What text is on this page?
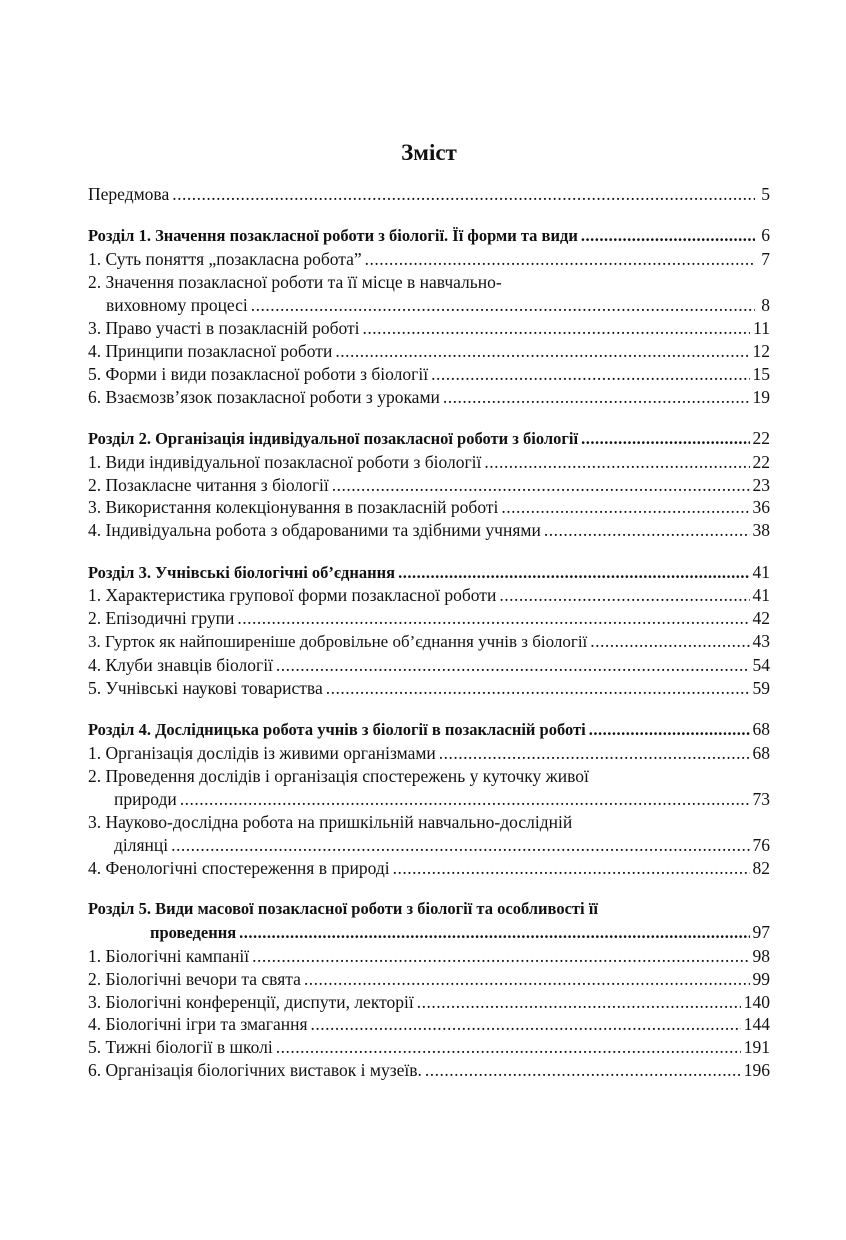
Зміст
Передмова .....	5
Розділ 1. Значення позакласної роботи з біології. Її форми та види .....	6
1. Суть поняття „позакласна робота” .....	7
2. Значення позакласної роботи та її місце в навчально-
виховному процесі .....	8
3. Право участі в позакласній роботі .....	11
4. Принципи позакласної роботи .....	12
5. Форми і види позакласної роботи з біології .....	15
6. Взаємозв’язок позакласної роботи з уроками .....	19
Розділ 2. Організація індивідуальної позакласної роботи з біології .....	22
1. Види індивідуальної позакласної роботи з біології .....	22
2. Позакласне читання з біології .....	23
3. Використання колекціонування в позакласній роботі .....	36
4. Індивідуальна робота з обдарованими та здібними учнями .....	38
Розділ 3. Учнівські біологічні об’єднання .....	41
1. Характеристика групової форми позакласної роботи .....	41
2. Епізодичні групи .....	42
3. Гурток як найпоширеніше добровільне об’єднання учнів з біології .....	43
4. Клуби знавців біології .....	54
5. Учнівські наукові товариства .....	59
Розділ 4. Дослідницька робота учнів з біології в позакласній роботі .....	68
1. Організація дослідів із живими організмами .....	68
2. Проведення дослідів і організація спостережень у куточку живої
природи .....	73
3. Науково-дослідна робота на пришкільній навчально-дослідній
ділянці .....	76
4. Фенологічні спостереження в природі .....	82
Розділ 5. Види масової позакласної роботи з біології та особливості її
проведення .....	97
1. Біологічні кампанії .....	98
2. Біологічні вечори та свята .....	99
3. Біологічні конференції, диспути, лекторії .....	140
4. Біологічні ігри та змагання .....	144
5. Тижні біології в школі .....	191
6. Організація біологічних виставок і музеїв. .....	196
